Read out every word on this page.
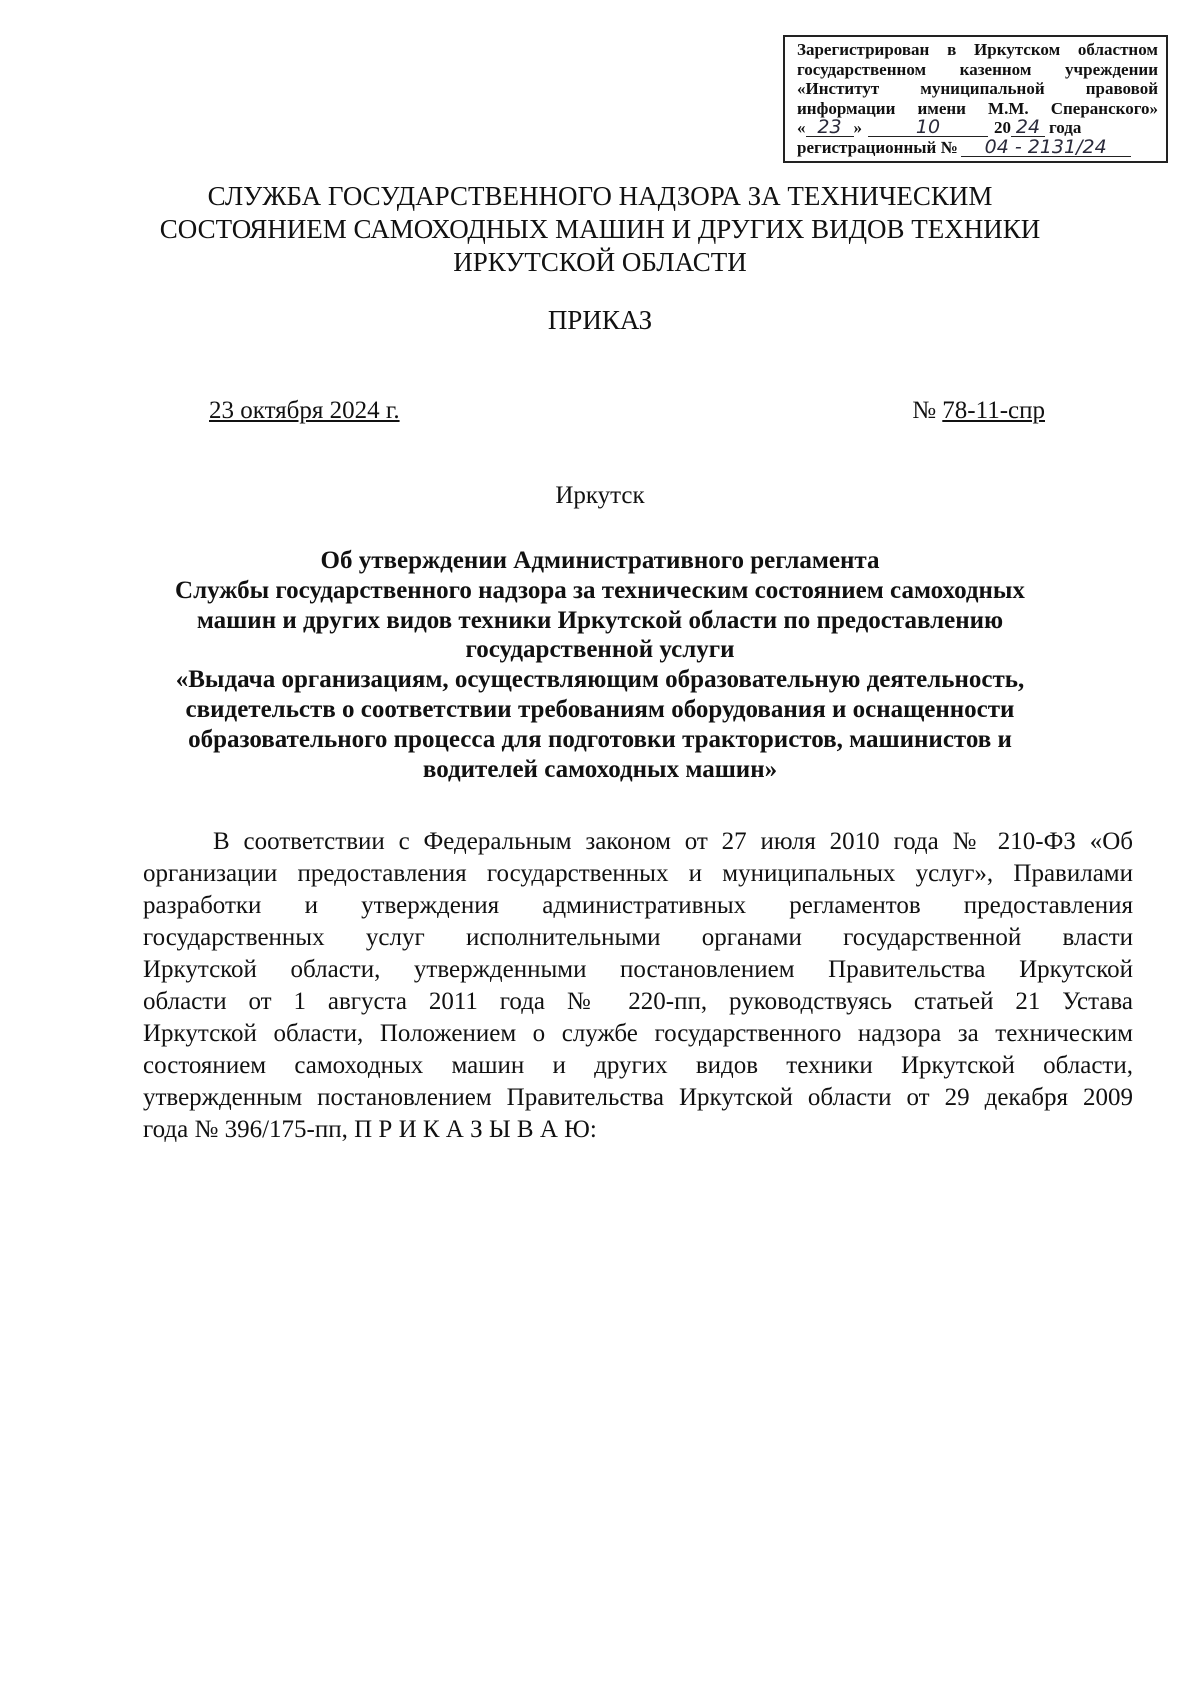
Зарегистрирован в Иркутском областном
государственном казенном учреждении
«Институт муниципальной правовой
информации имени М.М. Сперанского»
« 23 »	10	20 24 года
регистрационный №	04 - 2131/24
СЛУЖБА ГОСУДАРСТВЕННОГО НАДЗОРА ЗА ТЕХНИЧЕСКИМ
СОСТОЯНИЕМ САМОХОДНЫХ МАШИН И ДРУГИХ ВИДОВ ТЕХНИКИ
ИРКУТСКОЙ ОБЛАСТИ
ПРИКАЗ
23 октября 2024 г.	№ 78-11-спр
Иркутск
Об утверждении Административного регламента
Службы государственного надзора за техническим состоянием самоходных
машин и других видов техники Иркутской области по предоставлению
государственной услуги
«Выдача организациям, осуществляющим образовательную деятельность,
свидетельств о соответствии требованиям оборудования и оснащенности
образовательного процесса для подготовки трактористов, машинистов и
водителей самоходных машин»
В соответствии с Федеральным законом от 27 июля 2010 года № 210-ФЗ «Об
организации предоставления государственных и муниципальных услуг», Правилами
разработки и утверждения административных регламентов предоставления
государственных услуг исполнительными органами государственной власти
Иркутской области, утвержденными постановлением Правительства Иркутской
области от 1 августа 2011 года № 220-пп, руководствуясь статьей 21 Устава
Иркутской области, Положением о службе государственного надзора за техническим
состоянием самоходных машин и других видов техники Иркутской области,
утвержденным постановлением Правительства Иркутской области от 29 декабря 2009
года № 396/175-пп, П Р И К А З Ы В А Ю:
